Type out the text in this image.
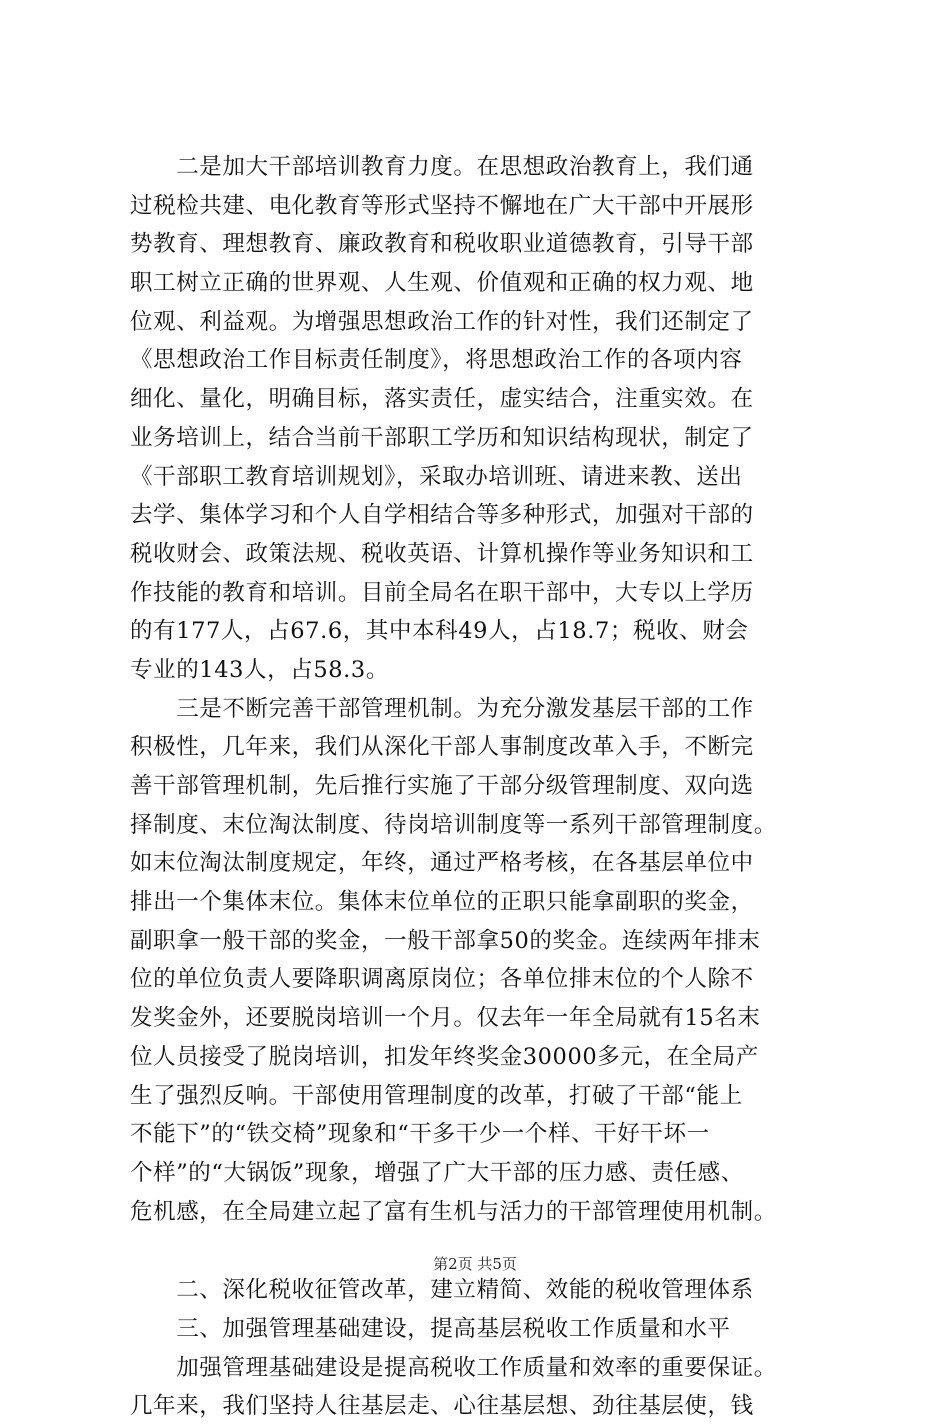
　　二是加大干部培训教育力度。在思想政治教育上，我们通
过税检共建、电化教育等形式坚持不懈地在广大干部中开展形
势教育、理想教育、廉政教育和税收职业道德教育，引导干部
职工树立正确的世界观、人生观、价值观和正确的权力观、地
位观、利益观。为增强思想政治工作的针对性，我们还制定了
《思想政治工作目标责任制度》，将思想政治工作的各项内容
细化、量化，明确目标，落实责任，虚实结合，注重实效。在
业务培训上，结合当前干部职工学历和知识结构现状，制定了
《干部职工教育培训规划》，采取办培训班、请进来教、送出
去学、集体学习和个人自学相结合等多种形式，加强对干部的
税收财会、政策法规、税收英语、计算机操作等业务知识和工
作技能的教育和培训。目前全局名在职干部中，大专以上学历
的有177人，占67.6，其中本科49人，占18.7；税收、财会
专业的143人，占58.3。
　　三是不断完善干部管理机制。为充分激发基层干部的工作
积极性，几年来，我们从深化干部人事制度改革入手，不断完
善干部管理机制，先后推行实施了干部分级管理制度、双向选
择制度、末位淘汰制度、待岗培训制度等一系列干部管理制度。
如末位淘汰制度规定，年终，通过严格考核，在各基层单位中
排出一个集体末位。集体末位单位的正职只能拿副职的奖金，
副职拿一般干部的奖金，一般干部拿50的奖金。连续两年排末
位的单位负责人要降职调离原岗位；各单位排末位的个人除不
发奖金外，还要脱岗培训一个月。仅去年一年全局就有15名末
位人员接受了脱岗培训，扣发年终奖金30000多元，在全局产
生了强烈反响。干部使用管理制度的改革，打破了干部“能上
不能下”的“铁交椅”现象和“干多干少一个样、干好干坏一
个样”的“大锅饭”现象，增强了广大干部的压力感、责任感、
危机感，在全局建立起了富有生机与活力的干部管理使用机制。
　　二、深化税收征管改革，建立精简、效能的税收管理体系
　　三、加强管理基础建设，提高基层税收工作质量和水平
　　加强管理基础建设是提高税收工作质量和效率的重要保证。
几年来，我们坚持人往基层走、心往基层想、劲往基层使，钱
第2页 共5页
